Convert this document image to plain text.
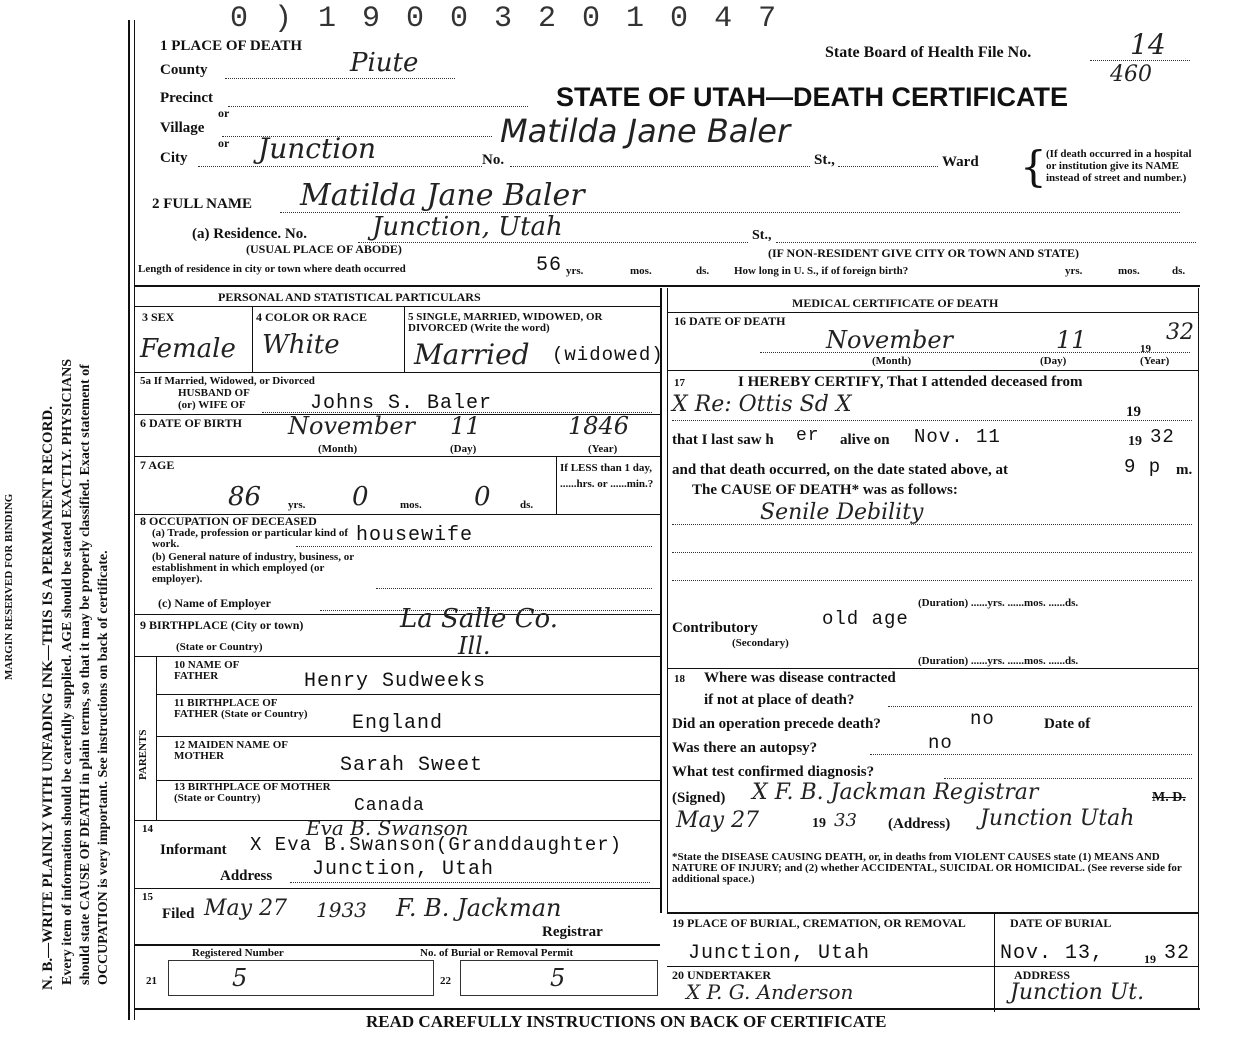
MARGIN RESERVED FOR BINDING N. B.—WRITE PLAINLY WITH UNFADING INK—THIS IS A PERMANENT RECORD. Every item of information should be carefully supplied. AGE should be stated EXACTLY. PHYSICIANS should state CAUSE OF DEATH in plain terms, so that it may be properly classified. Exact statement of OCCUPATION is very important. See instructions on back of certificate.
0 ) 1 9 0 0 3 2 0 1 0 4 7
1 PLACE OF DEATH
County	Piute	State Board of Health File No.	14
460
STATE OF UTAH—DEATH CERTIFICATE
Precinct
or
Village
or	Matilda Jane Baler
City	Junction	No.	St.,	Ward { (If death occurred in a hospital or institution give its NAME instead of street and number.)
2 FULL NAME Matilda Jane Baler
(a) Residence. No.	Junction, Utah	St.,
(USUAL PLACE OF ABODE)	(IF NON-RESIDENT GIVE CITY OR TOWN AND STATE)
Length of residence in city or town where death occurred	56 yrs.	mos.	ds. How long in U. S., if of foreign birth?	yrs.	mos.	ds.
PERSONAL AND STATISTICAL PARTICULARS
3 SEX
Female
4 COLOR OR RACE
White
5 SINGLE, MARRIED, WIDOWED, OR DIVORCED (Write the word)
Married (widowed)
5a If Married, Widowed, or Divorced
HUSBAND OF
(or) WIFE OF	Johns S. Baler
6 DATE OF BIRTH November 11	1846
(Month)	(Day)	(Year)
7 AGE
86 yrs. 0	mos. 0	ds.
If LESS than 1 day, ......hrs. or ......min.?
8 OCCUPATION OF DECEASED
(a) Trade, profession or particular kind of work.	housewife
(b) General nature of industry, business, or establishment in which employed (or employer).
(c) Name of Employer
9 BIRTHPLACE (City or town)	La Salle Co.
(State or Country)	Ill.
PARENTS
10 NAME OF FATHER	Henry Sudweeks
11 BIRTHPLACE OF FATHER (State or Country)	England
12 MAIDEN NAME OF MOTHER	Sarah Sweet
13 BIRTHPLACE OF MOTHER (State or Country)	Canada
14	Eva B. Swanson
Informant X Eva B.Swanson(Granddaughter)
Address Junction, Utah
15
Filed May 27 1933 F. B. Jackman
Registrar
Registered Number
21	5
No. of Burial or Removal Permit
22	5
MEDICAL CERTIFICATE OF DEATH
16 DATE OF DEATH
November	11	19
32
(Month)	(Day)	(Year)
17	I HEREBY CERTIFY, That I attended deceased from
X Re: Ottis Sd X	19
that I last saw h er alive on Nov. 11	19 32
and that death occurred, on the date stated above, at	9 p m.
The CAUSE OF DEATH* was as follows:
Senile Debility
(Duration) ......yrs. ......mos. ......ds.
Contributory	old age
(Secondary)
(Duration) ......yrs. ......mos. ......ds.
18 Where was disease contracted
if not at place of death?
Did an operation precede death?	no	Date of
Was there an autopsy?	no
What test confirmed diagnosis?
(Signed) X F. B. Jackman Registrar	M. D.
May 27	19 33 (Address) Junction Utah
*State the DISEASE CAUSING DEATH, or, in deaths from VIOLENT CAUSES state (1) MEANS AND NATURE OF INJURY; and (2) whether ACCIDENTAL, SUICIDAL OR HOMICIDAL. (See reverse side for additional space.)
19 PLACE OF BURIAL, CREMATION, OR REMOVAL
Junction, Utah
DATE OF BURIAL
Nov. 13,	19 32
20 UNDERTAKER
X P. G. Anderson
ADDRESS
Junction Ut.
READ CAREFULLY INSTRUCTIONS ON BACK OF CERTIFICATE
